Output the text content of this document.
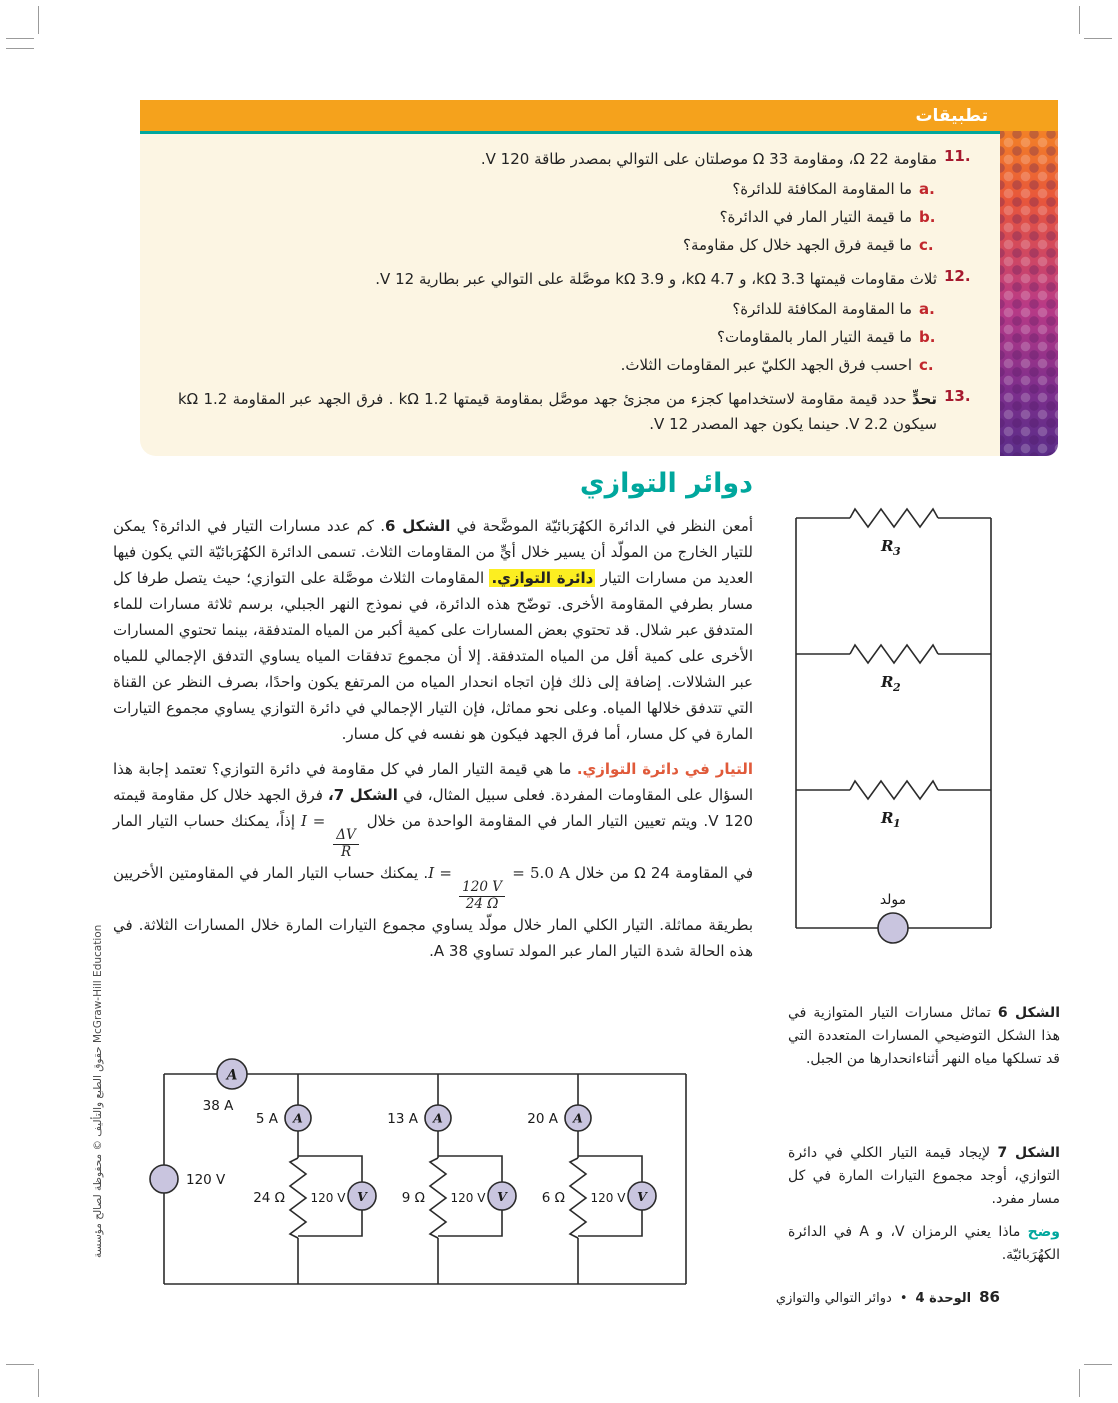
تطبيقات
11.
مقاومة 22 Ω، ومقاومة 33 Ω موصلتان على التوالي بمصدر طاقة 120 V.
a.
ما المقاومة المكافئة للدائرة؟
b.
ما قيمة التيار المار في الدائرة؟
c.
ما قيمة فرق الجهد خلال كل مقاومة؟
12.
ثلاث مقاومات قيمتها 3.3 kΩ، و 4.7 kΩ، و 3.9 kΩ موصَّلة على التوالي عبر بطارية 12 V.
a.
ما المقاومة المكافئة للدائرة؟
b.
ما قيمة التيار المار بالمقاومات؟
c.
احسب فرق الجهد الكليّ عبر المقاومات الثلاث.
13.
تحدٍّ حدد قيمة مقاومة لاستخدامها كجزء من مجزئ جهد موصَّل بمقاومة قيمتها 1.2 kΩ . فرق الجهد عبر المقاومة 1.2 kΩ سيكون 2.2 V. حينما يكون جهد المصدر 12 V.
دوائر التوازي

أمعن النظر في الدائرة الكهُرَبائيّة الموضَّحة في الشكل 6. كم عدد مسارات التيار في الدائرة؟ يمكن للتيار الخارج من المولّد أن يسير خلال أيٍّ من المقاومات الثلاث. تسمى الدائرة الكهُرَبائيّة التي يكون فيها العديد من مسارات التيار دائرة التوازي. المقاومات الثلاث موصَّلة على التوازي؛ حيث يتصل طرفا كل مسار بطرفي المقاومة الأخرى. توضّح هذه الدائرة، في نموذج النهر الجبلي، برسم ثلاثة مسارات للماء المتدفق عبر شلال. قد تحتوي بعض المسارات على كمية أكبر من المياه المتدفقة، بينما تحتوي المسارات الأخرى على كمية أقل من المياه المتدفقة. إلا أن مجموع تدفقات المياه يساوي التدفق الإجمالي للمياه عبر الشلالات. إضافة إلى ذلك فإن اتجاه انحدار المياه من المرتفع يكون واحدًا، بصرف النظر عن القناة التي تتدفق خلالها المياه. وعلى نحو مماثل، فإن التيار الإجمالي في دائرة التوازي يساوي مجموع التيارات المارة في كل مسار، أما فرق الجهد فيكون هو نفسه في كل مسار.

التيار في دائرة التوازي. ما هي قيمة التيار المار في كل مقاومة في دائرة التوازي؟ تعتمد إجابة هذا السؤال على المقاومات المفردة. فعلى سبيل المثال، في الشكل 7، فرق الجهد خلال كل مقاومة قيمته 120 V. ويتم تعيين التيار المار في المقاومة الواحدة من خلال I =
$\frac{\Delta V}{R}$
إذاً، يمكنك حساب التيار المار في المقاومة 24 Ω من خلال I =
$\frac{120 V}{24 \Omega}$
= 5.0 A. يمكنك حساب التيار المار في المقاومتين الأخريين بطريقة مماثلة. التيار الكلي المار خلال مولّد يساوي مجموع التيارات المارة خلال المسارات الثلاثة. في هذه الحالة شدة التيار المار عبر المولد تساوي 38 A.

R 3
R 2
R 1
مولد
الشكل 6 تماثل مسارات التيار المتوازية في هذا الشكل التوضيحي المسارات المتعددة التي قد تسلكها مياه النهر أثناءانحدارها من الجبل.
الشكل 7 لإيجاد قيمة التيار الكلي في دائرة التوازي، أوجد مجموع التيارات المارة في كل مسار مفرد.
وضح ماذا يعني الرمزان V، و A في الدائرة الكهُرَبائيّة.
A
38 A
120 V
A
5 A
24 Ω 120 V V
A
13 A
9 Ω 120 V V
A
20 A
6 Ω 120 V V
حقوق الطبع والتأليف © محفوظة لصالح مؤسسة McGraw-Hill Education
86
الوحدة 4
•
دوائر التوالي والتوازي
